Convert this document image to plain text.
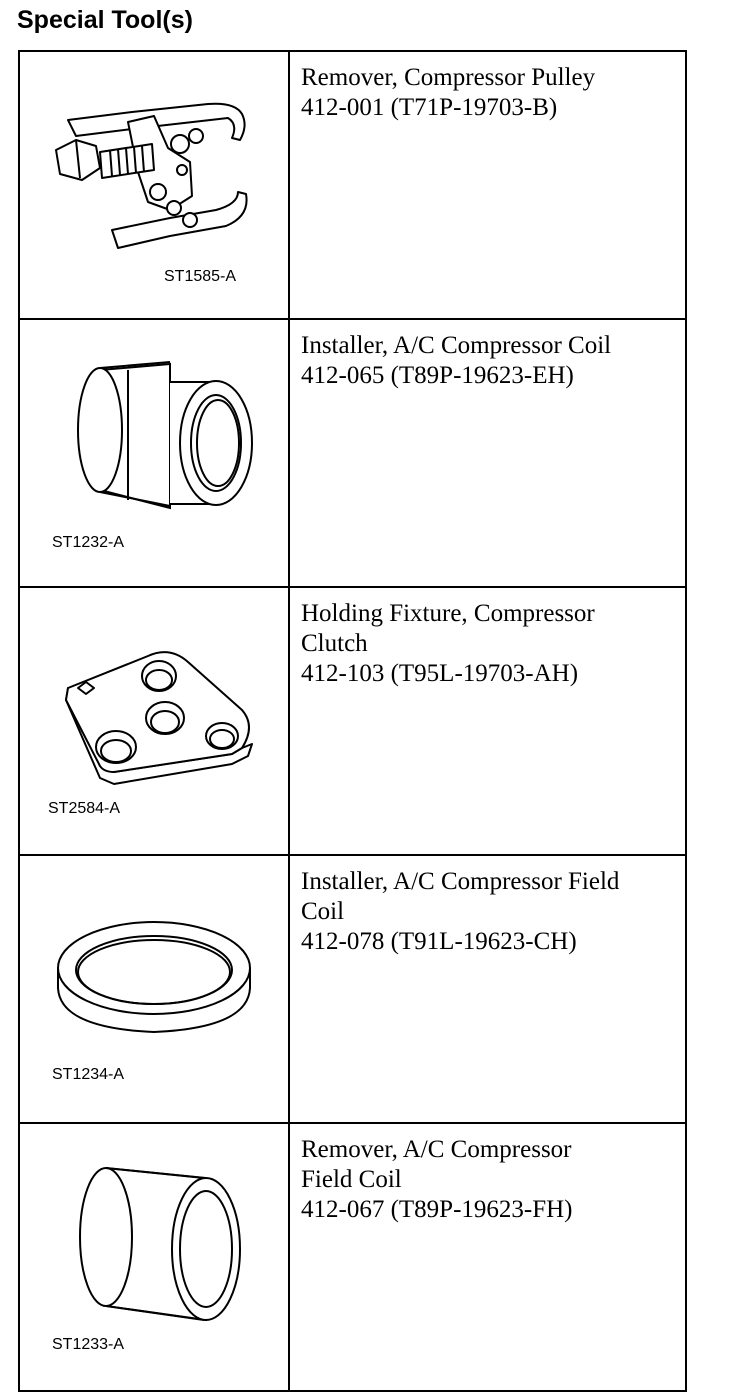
Special Tool(s)
ST1585-A	Remover, Compressor Pulley
412-001 (T71P-19703-B)

ST1232-A	Installer, A/C Compressor Coil
412-065 (T89P-19623-EH)

ST2584-A	Holding Fixture, Compressor
Clutch
412-103 (T95L-19703-AH)

ST1234-A	Installer, A/C Compressor Field
Coil
412-078 (T91L-19623-CH)

ST1233-A	Remover, A/C Compressor
Field Coil
412-067 (T89P-19623-FH)
